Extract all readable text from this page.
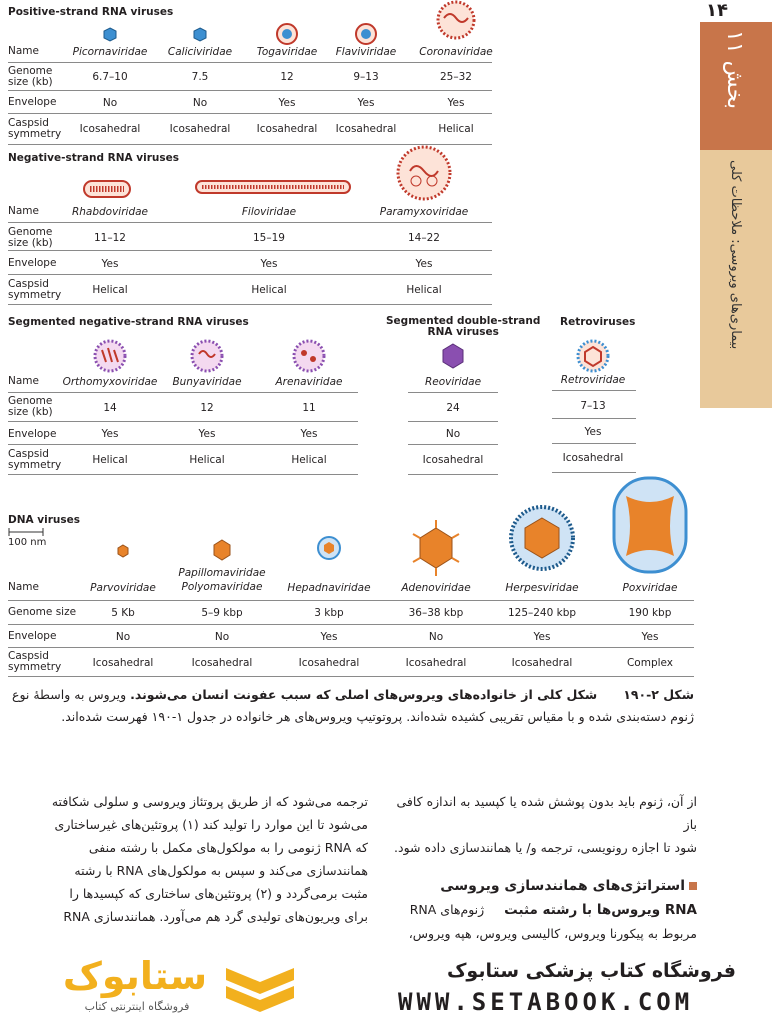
۱۴
بخش ۱۱
بیماری‌های ویروسی: ملاحظات کلی
Positive-strand RNA viruses
Name
Genome
size (kb)
Envelope
Caspsid
symmetry
Picornaviridae
6.7–10
No
Icosahedral
Caliciviridae
7.5
No
Icosahedral
Togaviridae
12
Yes
Icosahedral
Flaviviridae
9–13
Yes
Icosahedral
Coronaviridae
25–32
Yes
Helical
Negative-strand RNA viruses
Name
Genome
size (kb)
Envelope
Caspsid
symmetry
Rhabdoviridae
11–12
Yes
Helical
Filoviridae
15–19
Yes
Helical
Paramyxoviridae
14–22
Yes
Helical
Segmented negative-strand RNA viruses	Segmented double-strand
RNA viruses
Retroviruses
Name
Genome
size (kb)
Envelope
Caspsid
symmetry
Orthomyxoviridae
14
Yes
Helical
Bunyaviridae
12
Yes
Helical
Arenaviridae
11
Yes
Helical
Reoviridae
24
No
Icosahedral
Retroviridae
7–13
Yes
Icosahedral
DNA viruses
100 nm
Name
Genome size
Envelope
Caspsid
symmetry
Parvoviridae
5 Kb
No
Icosahedral
Papillomaviridae
Polyomaviridae
5–9 kbp
No
Icosahedral
Hepadnaviridae
3 kbp
Yes
Icosahedral
Adenoviridae
36–38 kbp
No
Icosahedral
Herpesviridae
125–240 kbp
Yes
Icosahedral
Poxviridae
190 kbp
Yes
Complex
شکل ۲-۱۹۰ شکل کلی از خانواده‌های ویروس‌های اصلی که سبب عفونت انسان می‌شوند. ویروس به واسطهٔ نوع
ژنوم دسته‌بندی شده و با مقیاس تقریبی کشیده شده‌اند. پروتوتیپ ویروس‌های هر خانواده در جدول ۱-۱۹۰ فهرست شده‌اند.
از آن، ژنوم باید بدون پوشش شده یا کپسید به اندازه کافی باز
شود تا اجازه رونویسی، ترجمه و/ یا همانندسازی داده شود.
استراتژی‌های همانندسازی ویروسی
RNA ویروس‌ها با رشته مثبت ژنوم‌های RNA
مربوط به پیکورنا ویروس، کالیسی ویروس، هپه ویروس،
ترجمه می‌شود که از طریق پروتئاز ویروسی و سلولی شکافته
می‌شود تا این موارد را تولید کند (۱) پروتئین‌های غیرساختاری
که RNA ژنومی را به مولکول‌های مکمل با رشته منفی
همانندسازی می‌کند و سپس به مولکول‌های RNA با رشته
مثبت برمی‌گردد و (۲) پروتئین‌های ساختاری که کپسیدها را
برای ویریون‌های تولیدی گرد هم می‌آورد. همانندسازی RNA
ستابوک
فروشگاه اینترنتی کتاب
فروشگاه کتاب پزشکی ستابوک
WWW.SETABOOK.COM
